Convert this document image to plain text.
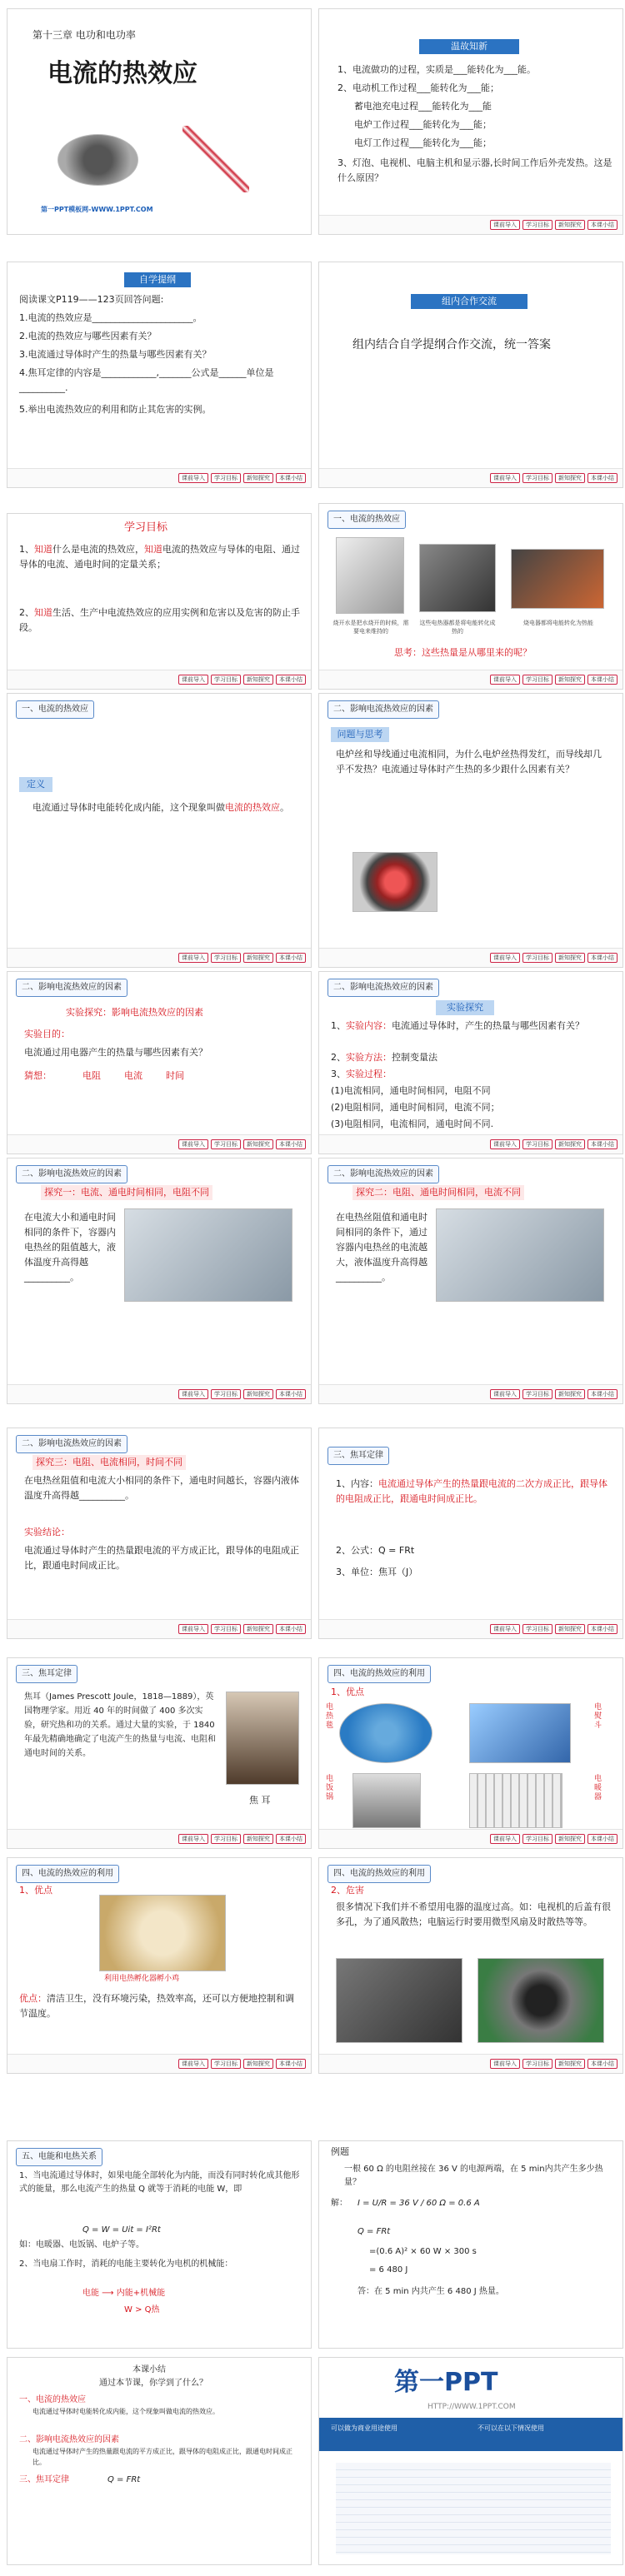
第十三章 电功和电功率
电流的热效应
第一PPT模板网-WWW.1PPT.COM
温故知新
1、电流做功的过程，实质是___能转化为___能。
2、电动机工作过程___能转化为___能；
蓄电池充电过程___能转化为___能
电炉工作过程___能转化为___能；
电灯工作过程___能转化为___能；
3、灯泡、电视机、电脑主机和显示器,长时间工作后外壳发热。这是什么原因？
课前导入	学习目标	新知探究	本课小结
自学提纲
阅读课文P119——123页回答问题:
1.电流的热效应是______________________。
2.电流的热效应与哪些因素有关？
3.电流通过导体时产生的热量与哪些因素有关？
4.焦耳定律的内容是____________,_______公式是______单位是__________.
5.举出电流热效应的利用和防止其危害的实例。
课前导入	学习目标	新知探究	本课小结
组内合作交流
组内结合自学提纲合作交流，统一答案
课前导入	学习目标	新知探究	本课小结
学习目标
1、知道什么是电流的热效应，知道电流的热效应与导体的电阻、通过导体的电流、通电时间的定量关系；
2、知道生活、生产中电流热效应的应用实例和危害以及危害的防止手段。
课前导入	学习目标	新知探究	本课小结
一、电流的热效应
烧开水是把水烧开的时候，需要电来维持的
这些电热器都是将电能转化成热的
烧电器都将电能转化为热能
思考：这些热量是从哪里来的呢？
课前导入	学习目标	新知探究	本课小结
一、电流的热效应
定义
电流通过导体时电能转化成内能，这个现象叫做电流的热效应。
课前导入	学习目标	新知探究	本课小结
二、影响电流热效应的因素
问题与思考
电炉丝和导线通过电流相同，为什么电炉丝热得发红，而导线却几乎不发热？电流通过导体时产生热的多少跟什么因素有关？
课前导入	学习目标	新知探究	本课小结
二、影响电流热效应的因素
实验探究：影响电流热效应的因素
实验目的：
电流通过用电器产生的热量与哪些因素有关？
猜想：	电阻	电流	时间
课前导入	学习目标	新知探究	本课小结
二、影响电流热效应的因素
实验探究
1、实验内容：电流通过导体时，产生的热量与哪些因素有关？
2、实验方法：控制变量法
3、实验过程：
(1)电流相同，通电时间相同，电阻不同
(2)电阻相同，通电时间相同，电流不同；
(3)电阻相同，电流相同，通电时间不同.
课前导入	学习目标	新知探究	本课小结
二、影响电流热效应的因素
探究一：电流、通电时间相同，电阻不同
在电流大小和通电时间相同的条件下，容器内电热丝的阻值越大，液体温度升高得越__________。
课前导入	学习目标	新知探究	本课小结
二、影响电流热效应的因素
探究二：电阻、通电时间相同，电流不同
在电热丝阻值和通电时间相同的条件下，通过容器内电热丝的电流越大，液体温度升高得越__________。
课前导入	学习目标	新知探究	本课小结
二、影响电流热效应的因素
探究三：电阻、电流相同，时间不同
在电热丝阻值和电流大小相同的条件下，通电时间越长，容器内液体温度升高得越__________。
实验结论：
电流通过导体时产生的热量跟电流的平方成正比，跟导体的电阻成正比，跟通电时间成正比。
课前导入	学习目标	新知探究	本课小结
三、焦耳定律
1、内容：电流通过导体产生的热量跟电流的二次方成正比，跟导体的电阻成正比，跟通电时间成正比。
2、公式：Q = FRt
3、单位：焦耳（J）
课前导入	学习目标	新知探究	本课小结
三、焦耳定律
焦耳（James Prescott Joule，1818—1889），英国物理学家。用近 40 年的时间做了 400 多次实验，研究热和功的关系。通过大量的实验，于 1840 年最先精确地确定了电流产生的热量与电流、电阻和通电时间的关系。
焦 耳
课前导入	学习目标	新知探究	本课小结
四、电流的热效应的利用
1、优点
电热毯
电熨斗
电饭锅
电暖器
课前导入	学习目标	新知探究	本课小结
四、电流的热效应的利用
1、优点
利用电热孵化器孵小鸡
优点：清洁卫生，没有环境污染，热效率高，还可以方便地控制和调节温度。
课前导入	学习目标	新知探究	本课小结
四、电流的热效应的利用
2、危害
很多情况下我们并不希望用电器的温度过高。如：电视机的后盖有很多孔，为了通风散热；电脑运行时要用微型风扇及时散热等等。
课前导入	学习目标	新知探究	本课小结
五、电能和电热关系
1、当电流通过导体时，如果电能全部转化为内能，而没有同时转化成其他形式的能量，那么电流产生的热量 Q 就等于消耗的电能 W，即
Q = W = Uit = I²Rt
如：电暖器、电饭锅、电炉子等。
2、当电扇工作时，消耗的电能主要转化为电机的机械能：
电能 ⟶ 内能+机械能
W > Q热
例题
一根 60 Ω 的电阻丝接在 36 V 的电源两端，在 5 min内共产生多少热量？
解： I = U/R = 36 V / 60 Ω = 0.6 A
Q = FRt
=(0.6 A)² × 60 W × 300 s
= 6 480 J
答：在 5 min 内共产生 6 480 J 热量。
本课小结
通过本节课，你学到了什么？
一、电流的热效应
电流通过导体时电能转化成内能，这个现象叫做电流的热效应。
二、影响电流热效应的因素
电流通过导体时产生的热量跟电流的平方成正比，跟导体的电阻成正比，跟通电时间成正比。
三、焦耳定律	Q = FRt
第一PPT
HTTP://WWW.1PPT.COM
可以做为商业用途使用	不可以在以下情况使用
